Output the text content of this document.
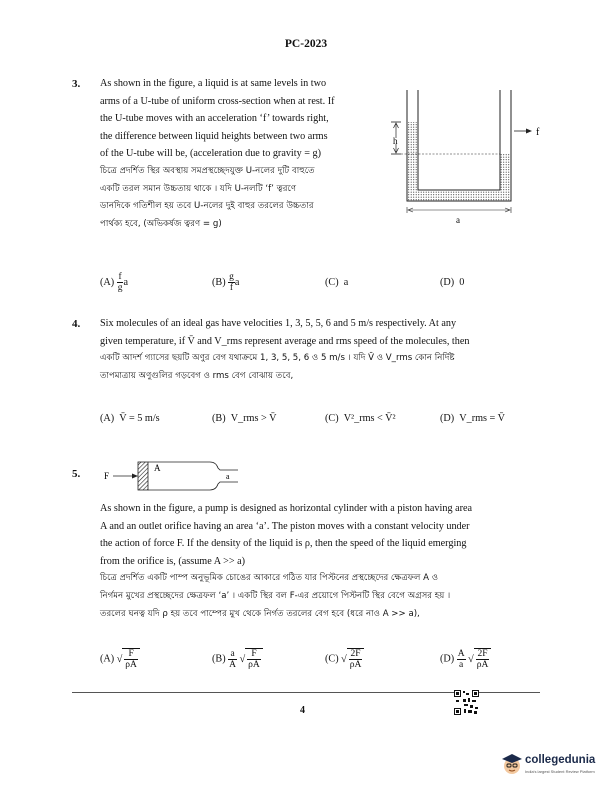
PC-2023
3. As shown in the figure, a liquid is at same levels in two
arms of a U-tube of uniform cross-section when at rest. If
the U-tube moves with an acceleration ‘f’ towards right,
the difference between liquid heights between two arms
of the U-tube will be, (acceleration due to gravity = g)
চিত্রে প্রদর্শিত স্থির অবস্থায় সমপ্রস্থচ্ছেদযুক্ত U-নলের দুটি বাহুতে
একটি তরল সমান উচ্চতায় থাকে । যদি U-নলটি ‘f’ ত্বরণে
ডানদিকে গতিশীল হয় তবে U-নলের দুই বাহুর তরলের উচ্চতার
পার্থক্য হবে, (অভিকর্ষজ ত্বরণ = g)
h
a
f
$(A) \frac{f}{g}$ a	$(B) \frac{g}{f}$ a	(C) a	(D) 0
4. Six molecules of an ideal gas have velocities 1, 3, 5, 5, 6 and 5 m/s respectively. At any
given temperature, if V̄ and V_rms represent average and rms speed of the molecules, then
একটি আদর্শ গ্যাসের ছয়টি অণুর বেগ যথাক্রমে 1, 3, 5, 5, 6 ও 5 m/s । যদি V̄ ও V_rms কোন নির্দিষ্ট
তাপমাত্রায় অণুগুলির গড়বেগ ও rms বেগ বোঝায় তবে,
(A) V̄ = 5 m/s	(B) V_rms > V̄	(C) V²_rms < V̄²	(D) V_rms = V̄
5.	F
A
a
As shown in the figure, a pump is designed as horizontal cylinder with a piston having area
A and an outlet orifice having an area ‘a’. The piston moves with a constant velocity under
the action of force F. If the density of the liquid is ρ, then the speed of the liquid emerging
from the orifice is, (assume A >> a)
চিত্রে প্রদর্শিত একটি পাম্প অনুভূমিক চোঙের আকারে গঠিত যার পিস্টনের প্রস্থচ্ছেদের ক্ষেত্রফল A ও
নির্গমন মুখের প্রস্থচ্ছেদের ক্ষেত্রফল ‘a’ । একটি স্থির বল F-এর প্রয়োগে পিস্টনটি স্থির বেগে অগ্রসর হয় ।
তরলের ঘনত্ব যদি ρ হয় তবে পাম্পের মুখ থেকে নির্গত তরলের বেগ হবে (ধরে নাও A >> a),
(A) √ $\frac{F}{\rho A}$	$(B) \frac{a}{A}$ √ $\frac{F}{\rho A}$	(C) √ $\frac{2F}{\rho A}$	$(D) \frac{A}{a}$ √ $\frac{2F}{\rho A}$
4
collegedunia
India's largest Student Review Platform
